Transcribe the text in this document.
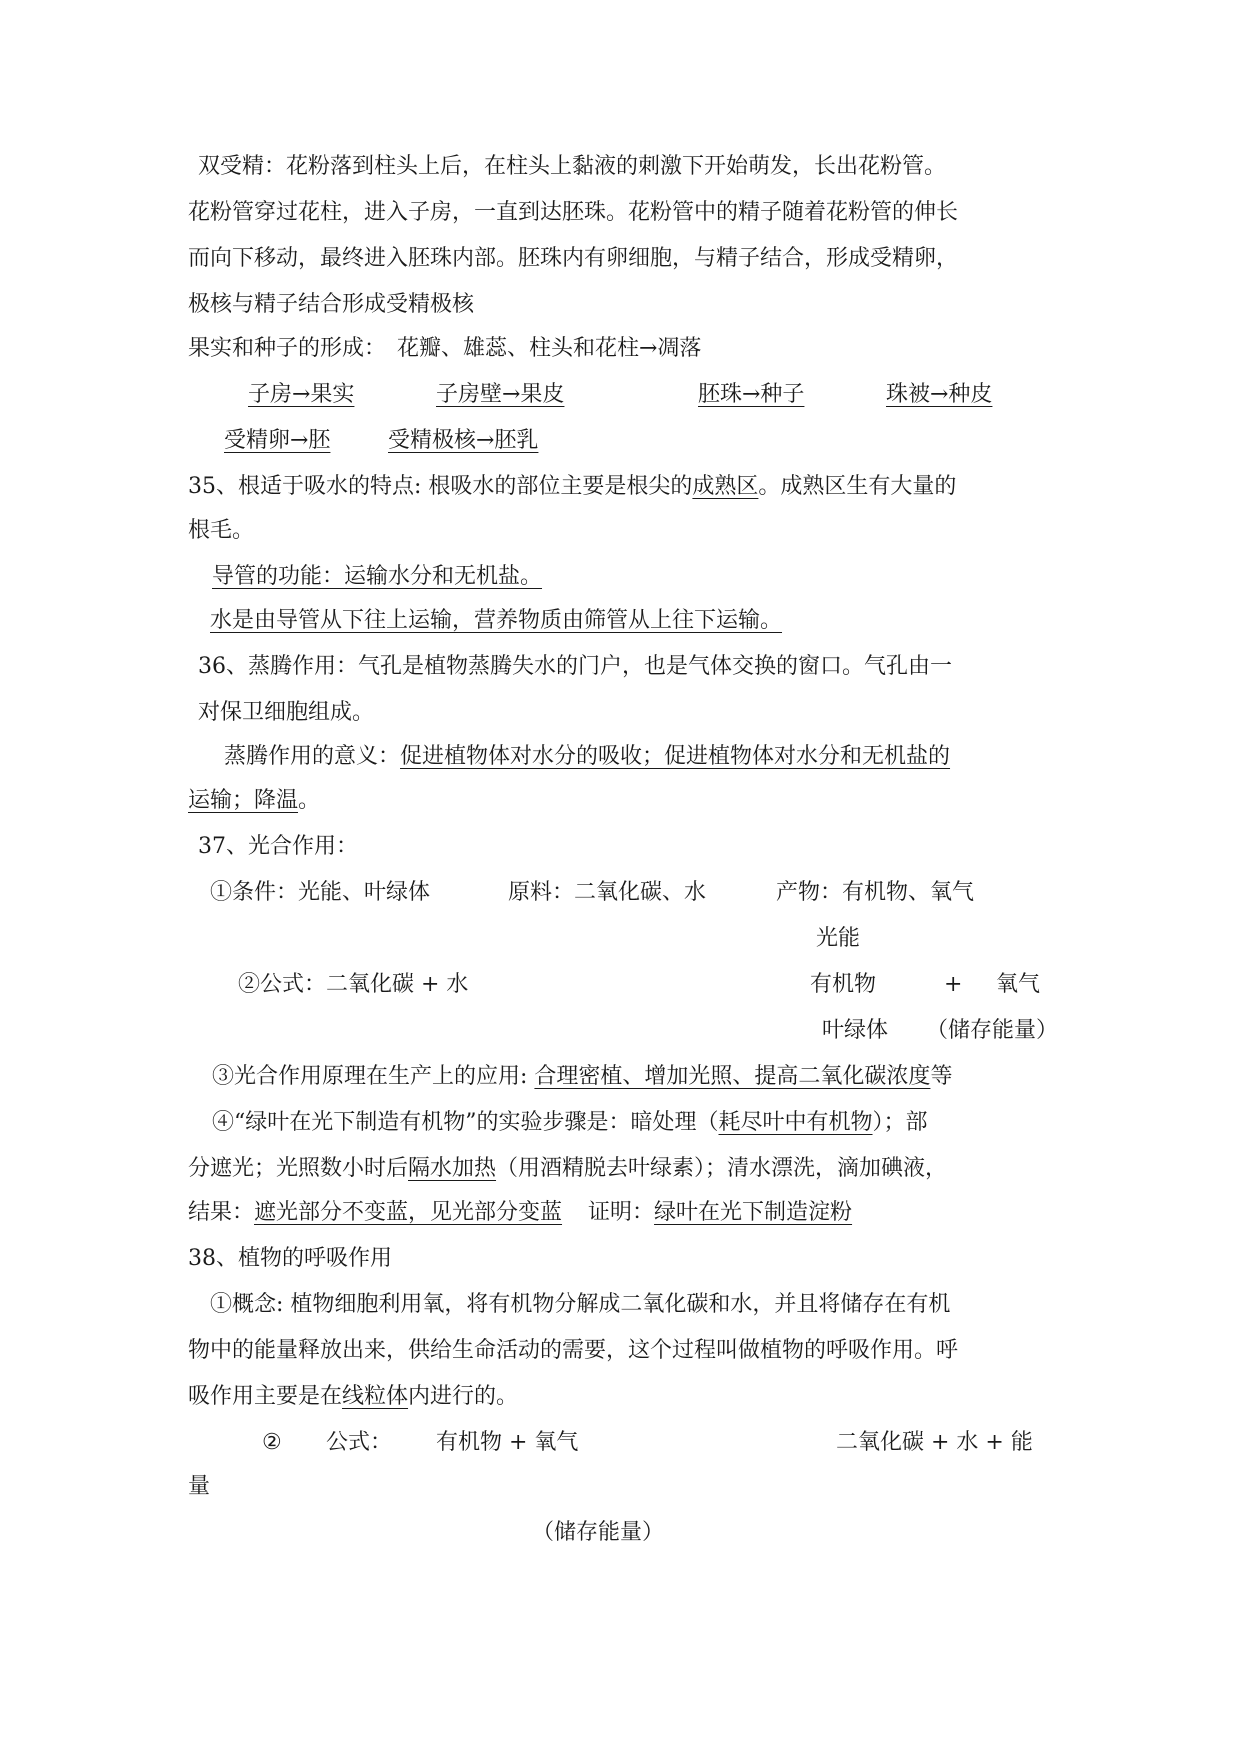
双受精：花粉落到柱头上后，在柱头上黏液的刺激下开始萌发，长出花粉管。

花粉管穿过花柱，进入子房，一直到达胚珠。花粉管中的精子随着花粉管的伸长

而向下移动，最终进入胚珠内部。胚珠内有卵细胞，与精子结合，形成受精卵，

极核与精子结合形成受精极核

果实和种子的形成：　花瓣、雄蕊、柱头和花柱→凋落

子房→果实	子房壁→果皮	胚珠→种子	珠被→种皮
受精卵→胚	受精极核→胚乳

35、根适于吸水的特点: 根吸水的部位主要是根尖的成熟区。成熟区生有大量的

根毛。

导管的功能：运输水分和无机盐。

水是由导管从下往上运输，营养物质由筛管从上往下运输。

36、蒸腾作用：气孔是植物蒸腾失水的门户，也是气体交换的窗口。气孔由一

对保卫细胞组成。

蒸腾作用的意义：促进植物体对水分的吸收；促进植物体对水分和无机盐的

运输；降温。

37、光合作用：

①条件：光能、叶绿体	原料：二氧化碳、水	产物：有机物、氧气
光能
②公式：二氧化碳 + 水	有机物	+ 氧气
叶绿体 （储存能量）

③光合作用原理在生产上的应用: 合理密植、增加光照、提高二氧化碳浓度等

④“绿叶在光下制造有机物”的实验步骤是：暗处理（耗尽叶中有机物）；部

分遮光；光照数小时后隔水加热（用酒精脱去叶绿素）；清水漂洗，滴加碘液，

结果：遮光部分不变蓝，见光部分变蓝 证明：绿叶在光下制造淀粉

38、植物的呼吸作用

①概念: 植物细胞利用氧，将有机物分解成二氧化碳和水，并且将储存在有机

物中的能量释放出来，供给生命活动的需要，这个过程叫做植物的呼吸作用。呼

吸作用主要是在线粒体内进行的。

② 公式： 有机物 + 氧气	二氧化碳 + 水 + 能
量
（储存能量）
